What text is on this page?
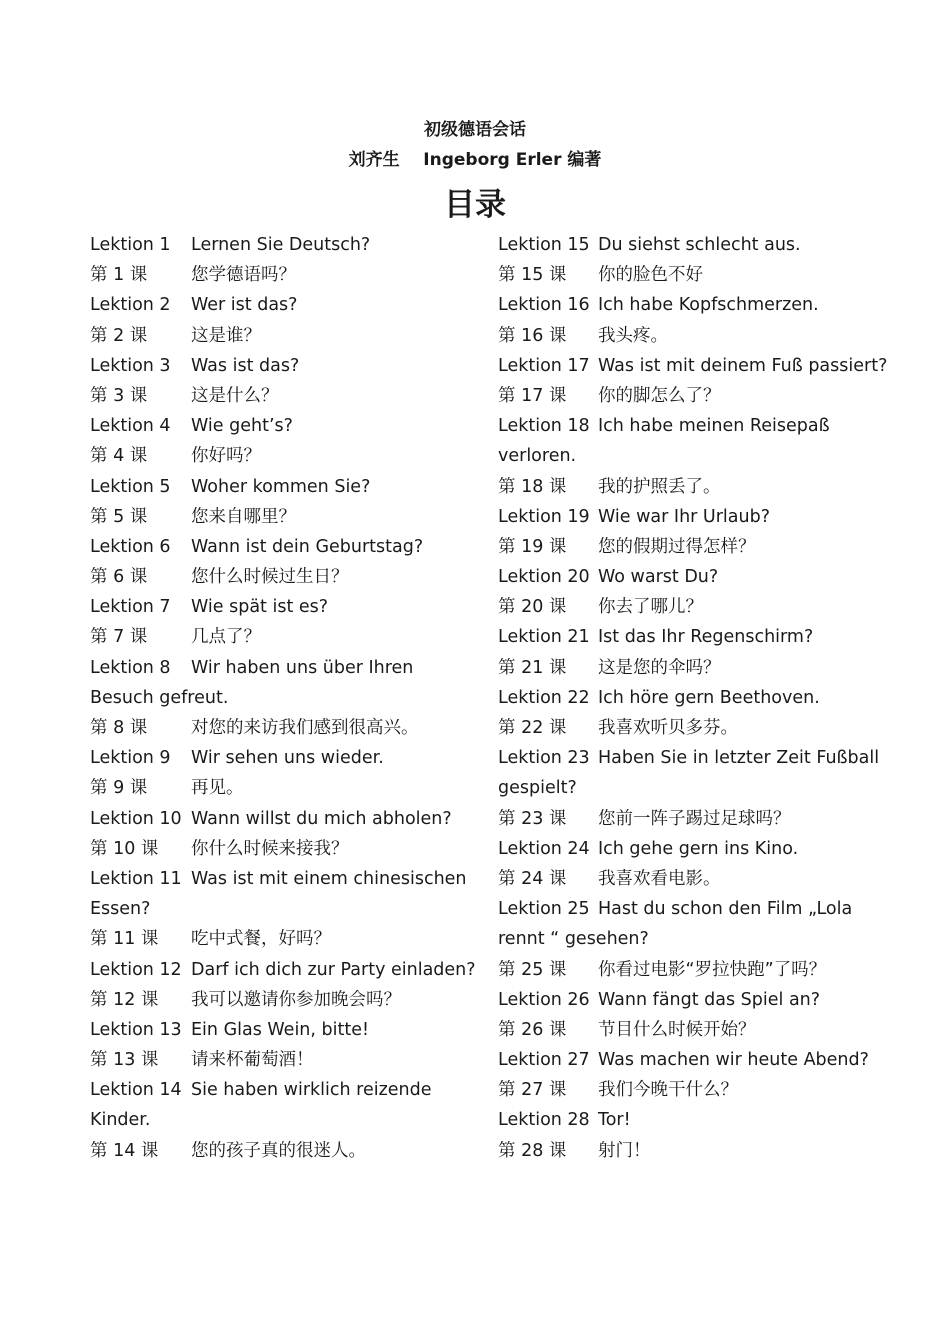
初级德语会话
刘齐生    Ingeborg Erler 编著
目录
Lektion 1 Lernen Sie Deutsch?
第 1 课 您学德语吗？
Lektion 2 Wer ist das?
第 2 课 这是谁？
Lektion 3 Was ist das?
第 3 课 这是什么？
Lektion 4 Wie geht’s?
第 4 课 你好吗？
Lektion 5 Woher kommen Sie?
第 5 课 您来自哪里？
Lektion 6 Wann ist dein Geburtstag?
第 6 课 您什么时候过生日？
Lektion 7 Wie spät ist es?
第 7 课 几点了？
Lektion 8 Wir haben uns über Ihren
Besuch gefreut.
第 8 课 对您的来访我们感到很高兴。
Lektion 9 Wir sehen uns wieder.
第 9 课 再见。
Lektion 10 Wann willst du mich abholen?
第 10 课 你什么时候来接我？
Lektion 11 Was ist mit einem chinesischen
Essen?
第 11 课 吃中式餐，好吗？
Lektion 12 Darf ich dich zur Party einladen?
第 12 课 我可以邀请你参加晚会吗？
Lektion 13 Ein Glas Wein, bitte!
第 13 课 请来杯葡萄酒！
Lektion 14 Sie haben wirklich reizende
Kinder.
第 14 课 您的孩子真的很迷人。
Lektion 15 Du siehst schlecht aus.
第 15 课 你的脸色不好
Lektion 16 Ich habe Kopfschmerzen.
第 16 课 我头疼。
Lektion 17 Was ist mit deinem Fuß passiert?
第 17 课 你的脚怎么了？
Lektion 18 Ich habe meinen Reisepaß
verloren.
第 18 课 我的护照丢了。
Lektion 19 Wie war Ihr Urlaub?
第 19 课 您的假期过得怎样？
Lektion 20 Wo warst Du?
第 20 课 你去了哪儿？
Lektion 21 Ist das Ihr Regenschirm?
第 21 课 这是您的伞吗？
Lektion 22 Ich höre gern Beethoven.
第 22 课 我喜欢听贝多芬。
Lektion 23 Haben Sie in letzter Zeit Fußball
gespielt?
第 23 课 您前一阵子踢过足球吗？
Lektion 24 Ich gehe gern ins Kino.
第 24 课 我喜欢看电影。
Lektion 25 Hast du schon den Film „Lola
rennt “ gesehen?
第 25 课 你看过电影“罗拉快跑”了吗？
Lektion 26 Wann fängt das Spiel an?
第 26 课 节目什么时候开始？
Lektion 27 Was machen wir heute Abend?
第 27 课 我们今晚干什么？
Lektion 28 Tor!
第 28 课 射门！
